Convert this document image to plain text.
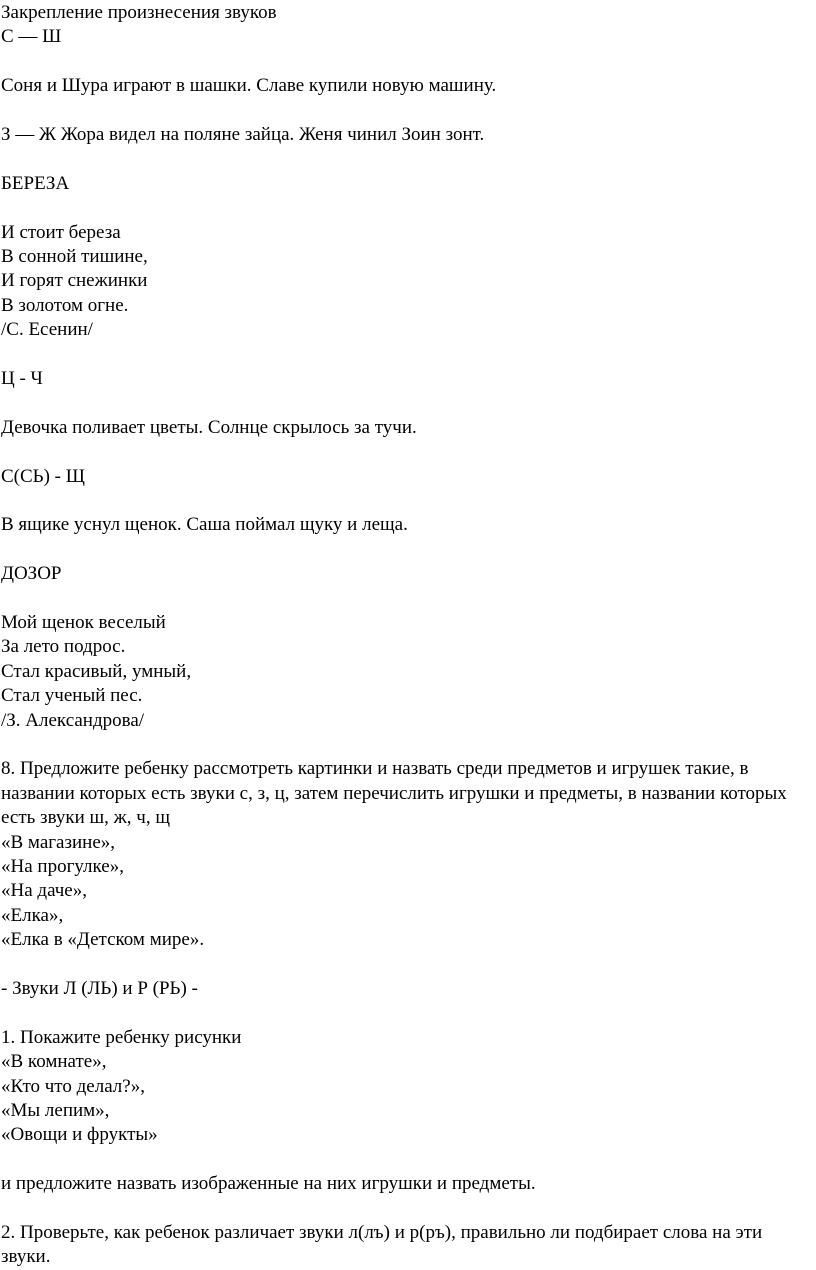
Закрепление произнесения звуков
С — Ш
Соня и Шура играют в шашки. Славе купили новую машину.
З — Ж Жора видел на поляне зайца. Женя чинил Зоин зонт.
БЕРЕЗА
И стоит береза
В сонной тишине,
И горят снежинки
В золотом огне.
/С. Есенин/
Ц - Ч
Девочка поливает цветы. Солнце скрылось за тучи.
С(СЬ) - Щ
В ящике уснул щенок. Саша поймал щуку и леща.
ДОЗОР
Мой щенок веселый
За лето подрос.
Стал красивый, умный,
Стал ученый пес.
/З. Александрова/
8. Предложите ребенку рассмотреть картинки и назвать среди предметов и игрушек такие, в названии которых есть звуки с, з, ц, затем перечислить игрушки и предметы, в названии которых есть звуки ш, ж, ч, щ
«В магазине»,
«На прогулке»,
«На даче»,
«Елка»,
«Елка в «Детском мире».
- Звуки Л (ЛЬ) и Р (РЬ) -
1. Покажите ребенку рисунки
«В комнате»,
«Кто что делал?»,
«Мы лепим»,
«Овощи и фрукты»
и предложите назвать изображенные на них игрушки и предметы.
2. Проверьте, как ребенок различает звуки л(лъ) и р(ръ), правильно ли подбирает слова на эти звуки.
